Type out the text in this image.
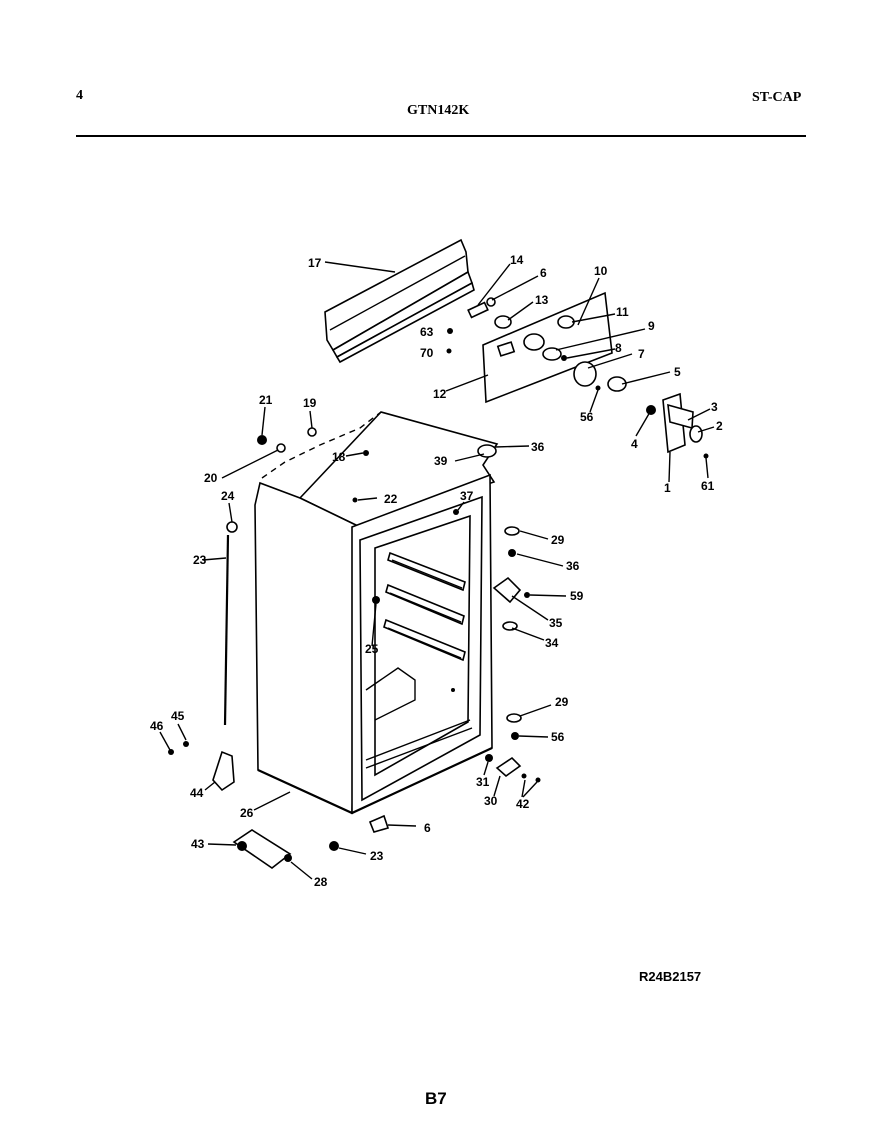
4
GTN142K
ST-CAP
17	14
6
13
10
11
9
63
70	8 7
5
12
56
3
2
4
1	61
21	19
18
36
39
20
24	22	37
29
36
23
59
35
34
25
29
56
46
45
44
31
30 42
26
6
43
23
28
R24B2157
B7
